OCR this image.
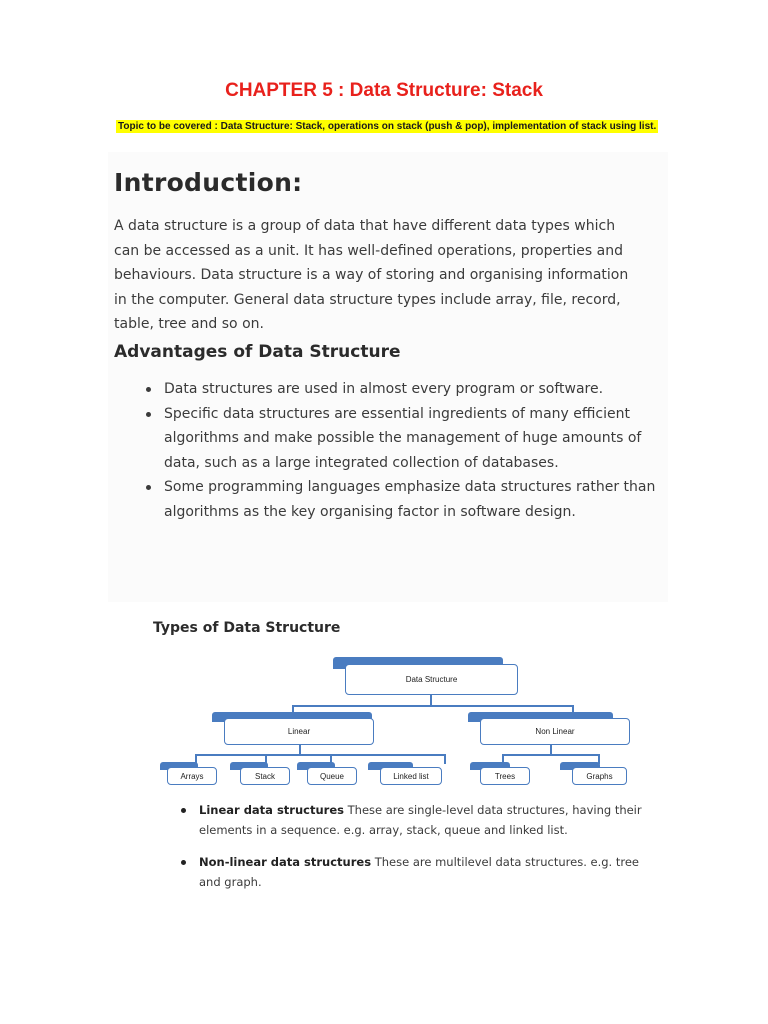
CHAPTER 5 : Data Structure: Stack
Topic to be covered : Data Structure: Stack, operations on stack (push & pop), implementation of stack using list.
Introduction:
A data structure is a group of data that have different data types which can be accessed as a unit. It has well-defined operations, properties and behaviours. Data structure is a way of storing and organising information in the computer. General data structure types include array, file, record, table, tree and so on.
Advantages of Data Structure
Data structures are used in almost every program or software.
Specific data structures are essential ingredients of many efficient algorithms and make possible the management of huge amounts of data, such as a large integrated collection of databases.
Some programming languages emphasize data structures rather than algorithms as the key organising factor in software design.
Types of Data Structure
Data Structure
Linear	Non Linear
Arrays	Stack	Queue	Linked list	Trees	Graphs
Linear data structures These are single-level data structures, having their elements in a sequence. e.g. array, stack, queue and linked list.
Non-linear data structures These are multilevel data structures. e.g. tree and graph.
